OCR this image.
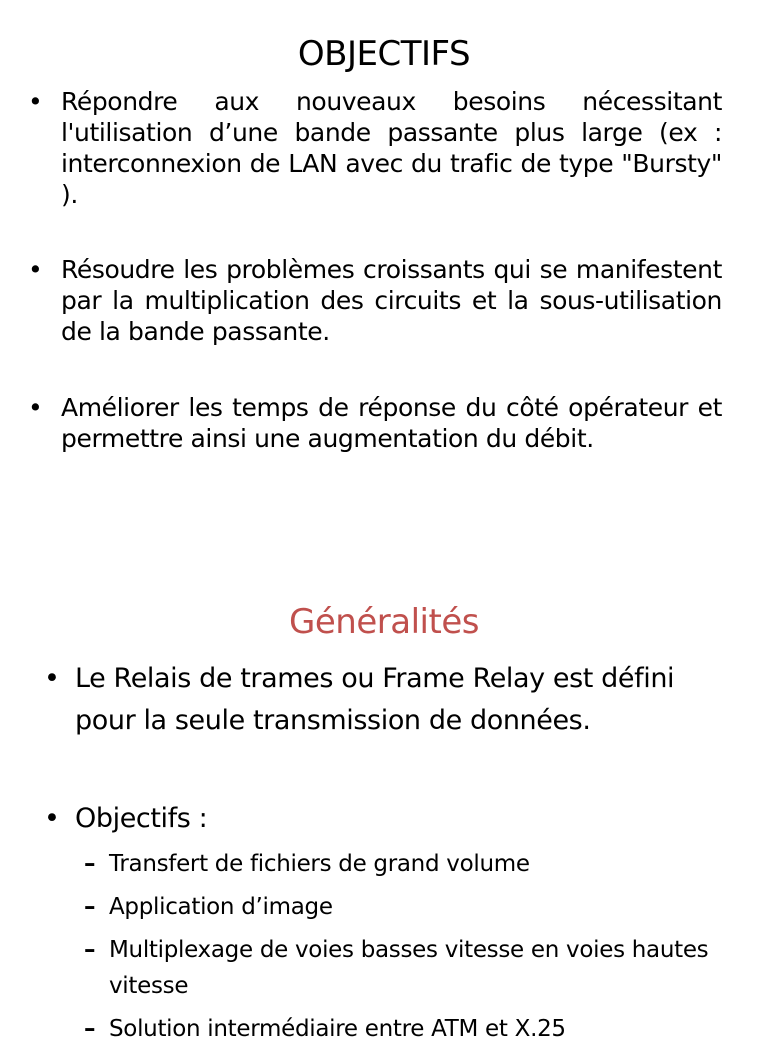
OBJECTIFS
• Répondre aux nouveaux besoins nécessitant l'utilisation d’une bande passante plus large (ex : interconnexion de LAN avec du trafic de type "Bursty" ).
• Résoudre les problèmes croissants qui se manifestent par la multiplication des circuits et la sous-utilisation de la bande passante.
• Améliorer les temps de réponse du côté opérateur et permettre ainsi une augmentation du débit.
Généralités
• Le Relais de trames ou Frame Relay est défini pour la seule transmission de données.
• Objectifs :
– Transfert de fichiers de grand volume
– Application d’image
– Multiplexage de voies basses vitesse en voies hautes vitesse
– Solution intermédiaire entre ATM et X.25
